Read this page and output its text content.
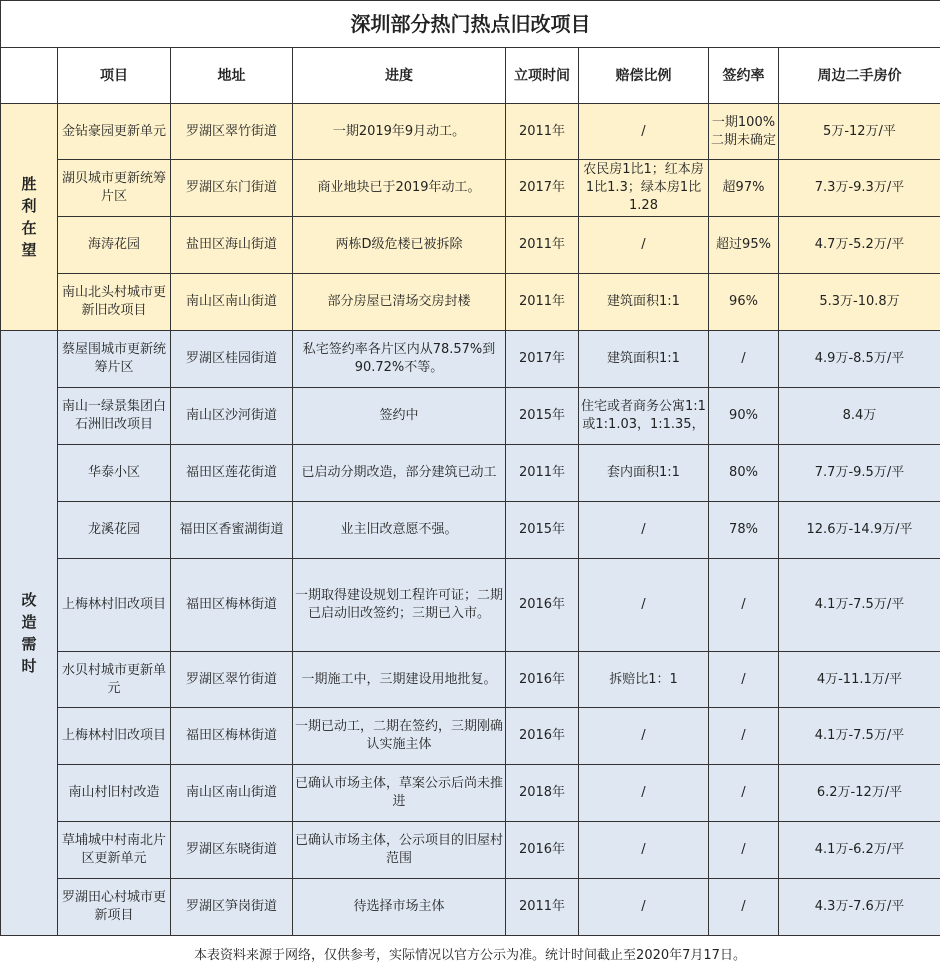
深圳部分热门热点旧改项目							
	项目	地址	进度	立项时间	赔偿比例	签约率	周边二手房价
胜利在望	金钻豪园更新单元	罗湖区翠竹街道	一期2019年9月动工。	2011年	/	一期100%二期未确定	5万-12万/平
	湖贝城市更新统筹片区	罗湖区东门街道	商业地块已于2019年动工。	2017年	农民房1比1；红本房1比1.3；绿本房1比1.28	超97%	7.3万-9.3万/平
	海涛花园	盐田区海山街道	两栋D级危楼已被拆除	2011年	/	超过95%	4.7万-5.2万/平
	南山北头村城市更新旧改项目	南山区南山街道	部分房屋已清场交房封楼	2011年	建筑面积1:1	96%	5.3万-10.8万
改造需时	蔡屋围城市更新统筹片区	罗湖区桂园街道	私宅签约率各片区内从78.57%到90.72%不等。	2017年	建筑面积1:1	/	4.9万-8.5万/平
	南山一绿景集团白石洲旧改项目	南山区沙河街道	签约中	2015年	住宅或者商务公寓1:1或1:1.03，1:1.35，	90%	8.4万
	华泰小区	福田区莲花街道	已启动分期改造，部分建筑已动工	2011年	套内面积1:1	80%	7.7万-9.5万/平
	龙溪花园	福田区香蜜湖街道	业主旧改意愿不强。	2015年	/	78%	12.6万-14.9万/平
	上梅林村旧改项目	福田区梅林街道	一期取得建设规划工程许可证；二期已启动旧改签约；三期已入市。	2016年	/	/	4.1万-7.5万/平
	水贝村城市更新单元	罗湖区翠竹街道	一期施工中，三期建设用地批复。	2016年	拆赔比1：1	/	4万-11.1万/平
	上梅林村旧改项目	福田区梅林街道	一期已动工，二期在签约，三期刚确认实施主体	2016年	/	/	4.1万-7.5万/平
	南山村旧村改造	南山区南山街道	已确认市场主体，草案公示后尚未推进	2018年	/	/	6.2万-12万/平
	草埔城中村南北片区更新单元	罗湖区东晓街道	已确认市场主体，公示项目的旧屋村范围	2016年	/	/	4.1万-6.2万/平
	罗湖田心村城市更新项目	罗湖区笋岗街道	待选择市场主体	2011年	/	/	4.3万-7.6万/平
本表资料来源于网络，仅供参考，实际情况以官方公示为准。统计时间截止至2020年7月17日。
